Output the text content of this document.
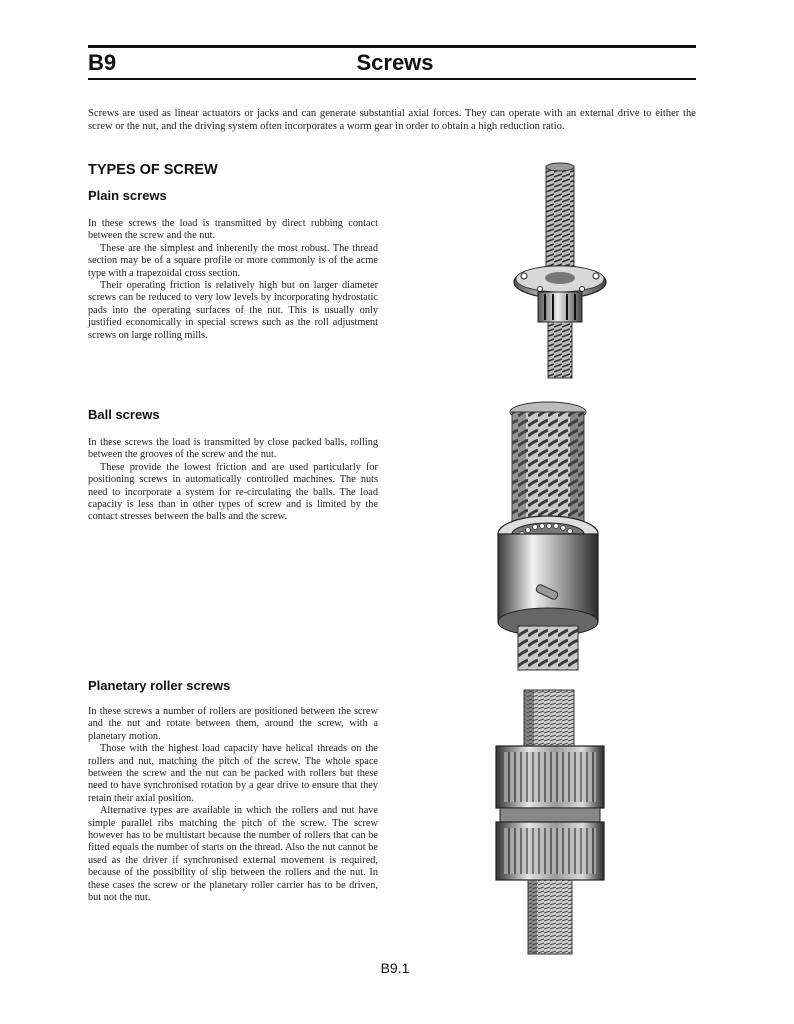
B9	Screws

Screws are used as linear actuators or jacks and can generate substantial axial forces. They can operate with an external drive to either the screw or the nut, and the driving system often incorporates a worm gear in order to obtain a high reduction ratio.

TYPES OF SCREW
Plain screws

In these screws the load is transmitted by direct rubbing contact between the screw and the nut.

These are the simplest and inherently the most robust. The thread section may be of a square profile or more commonly is of the acme type with a trapezoidal cross section.

Their operating friction is relatively high but on larger diameter screws can be reduced to very low levels by incorporating hydrostatic pads into the operating surfaces of the nut. This is usually only justified economically in special screws such as the roll adjustment screws on large rolling mills.

Ball screws

In these screws the load is transmitted by close packed balls, rolling between the grooves of the screw and the nut.

These provide the lowest friction and are used particularly for positioning screws in automatically controlled machines. The nuts need to incorporate a system for re-circulating the balls. The load capacity is less than in other types of screw and is limited by the contact stresses between the balls and the screw.

Planetary roller screws

In these screws a number of rollers are positioned between the screw and the nut and rotate between them, around the screw, with a planetary motion.

Those with the highest load capacity have helical threads on the rollers and nut, matching the pitch of the screw. The whole space between the screw and the nut can be packed with rollers but these need to have synchronised rotation by a gear drive to ensure that they retain their axial position.

Alternative types are available in which the rollers and nut have simple parallel ribs matching the pitch of the screw. The screw however has to be multistart because the number of rollers that can be fitted equals the number of starts on the thread. Also the nut cannot be used as the driver if synchronised external movement is required, because of the possibility of slip between the rollers and the nut. In these cases the screw or the planetary roller carrier has to be driven, but not the nut.

B9.1
